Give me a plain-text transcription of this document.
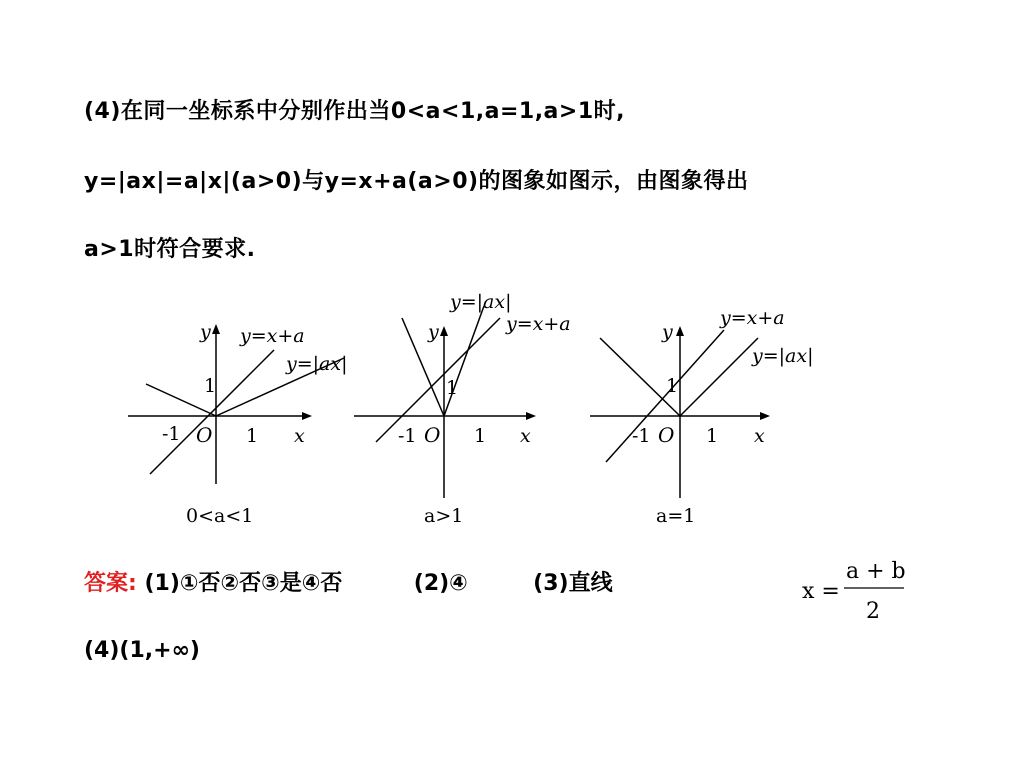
(4)在同一坐标系中分别作出当0<a<1,a=1,a>1时,
y=|ax|=a|x|(a>0)与y=x+a(a>0)的图象如图示，由图象得出
a>1时符合要求.
y=x+a
y=|ax|
y
x
1
-1 O 1
0<a<1
y=|ax|
y=x+a
y
x
1
-1 O 1
a>1
y=x+a
y=|ax|
y
x
1
-1 O 1
a=1
答案: (1)①否②否③是④否	(2)④	(3)直线	x =
a + b
2
(4)(1,+∞)
